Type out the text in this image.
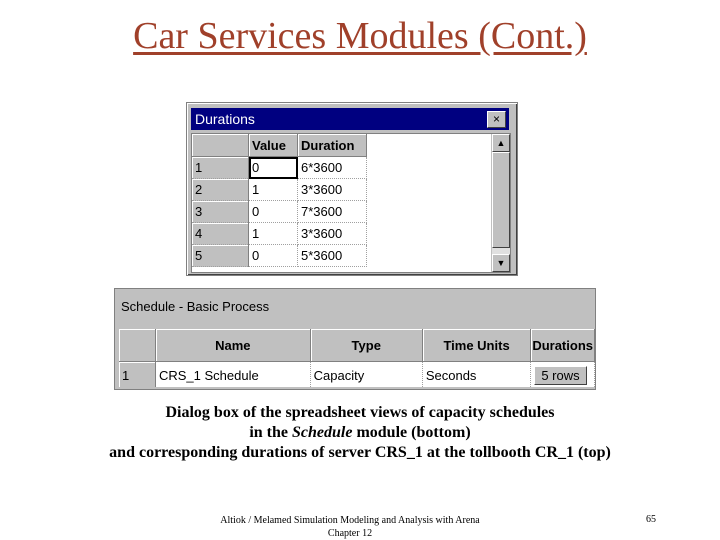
Car Services Modules (Cont.)
Durations	×
	Value	Duration
1	0	6*3600
2	1	3*3600
3	0	7*3600
4	1	3*3600
5	0	5*3600
▲
▼
Schedule - Basic Process
	Name	Type	Time Units	Durations
1	CRS_1 Schedule	Capacity	Seconds	5 rows
Dialog box of the spreadsheet views of capacity schedules
in the Schedule module (bottom)
and corresponding durations of server CRS_1 at the tollbooth CR_1 (top)
Altiok / Melamed Simulation Modeling and Analysis with Arena
Chapter 12
65
